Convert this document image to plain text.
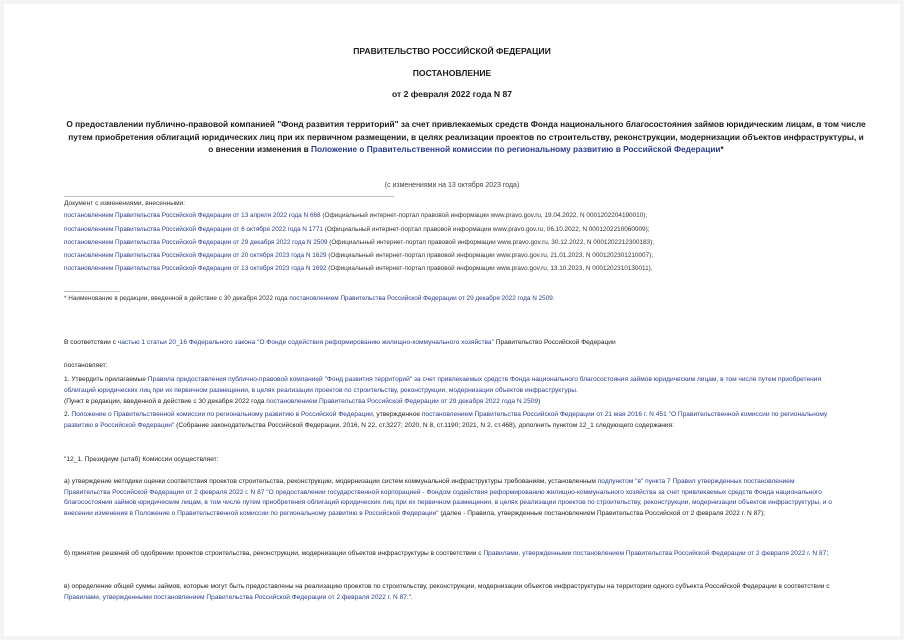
ПРАВИТЕЛЬСТВО РОССИЙСКОЙ ФЕДЕРАЦИИ
ПОСТАНОВЛЕНИЕ
от 2 февраля 2022 года N 87
О предоставлении публично-правовой компанией "Фонд развития территорий" за счет привлекаемых средств Фонда национального благосостояния займов юридическим лицам, в том числе путем приобретения облигаций юридических лиц при их первичном размещении, в целях реализации проектов по строительству, реконструкции, модернизации объектов инфраструктуры, и о внесении изменения в Положение о Правительственной комиссии по региональному развитию в Российской Федерации*
(с изменениями на 13 октября 2023 года)
Документ с изменениями, внесенными:
постановлением Правительства Российской Федерации от 13 апреля 2022 года N 668 (Официальный интернет-портал правовой информации www.pravo.gov.ru, 19.04.2022, N 0001202204190010);
постановлением Правительства Российской Федерации от 6 октября 2022 года N 1771 (Официальный интернет-портал правовой информации www.pravo.gov.ru, 06.10.2022, N 0001202210060009);
постановлением Правительства Российской Федерации от 29 декабря 2022 года N 2509 (Официальный интернет-портал правовой информации www.pravo.gov.ru, 30.12.2022, N 0001202212300183);
постановлением Правительства Российской Федерации от 20 октября 2023 года N 1629 (Официальный интернет-портал правовой информации www.pravo.gov.ru, 21.01.2023, N 0001202301210007);
постановлением Правительства Российской Федерации от 13 октября 2023 года N 1692 (Официальный интернет-портал правовой информации www.pravo.gov.ru, 13.10.2023, N 0001202310130011).
* Наименование в редакции, введенной в действие с 30 декабря 2022 года постановлением Правительства Российской Федерации от 29 декабря 2022 года N 2509.
В соответствии с частью 1 статьи 20_16 Федерального закона "О Фонде содействия реформированию жилищно-коммунального хозяйства" Правительство Российской Федерации
постановляет:
1. Утвердить прилагаемые Правила предоставления публично-правовой компанией "Фонд развития территорий" за счет привлекаемых средств Фонда национального благосостояния займов юридическим лицам, в том числе путем приобретения облигаций юридических лиц при их первичном размещении, в целях реализации проектов по строительству, реконструкции, модернизации объектов инфраструктуры.
(Пункт в редакции, введенной в действие с 30 декабря 2022 года постановлением Правительства Российской Федерации от 29 декабря 2022 года N 2509)
2. Положение о Правительственной комиссии по региональному развитию в Российской Федерации, утвержденное постановлением Правительства Российской Федерации от 21 мая 2016 г. N 451 "О Правительственной комиссии по региональному развитию в Российской Федерации" (Собрание законодательства Российской Федерации, 2016, N 22, ст.3227; 2020, N 8, ст.1190; 2021, N 2, ст.468), дополнить пунктом 12_1 следующего содержания:
"12_1. Президиум (штаб) Комиссии осуществляет:
а) утверждение методики оценки соответствия проектов строительства, реконструкции, модернизации систем коммунальной инфраструктуры требованиям, установленным подпунктом "в" пункта 7 Правил утвержденных постановлением Правительства Российской Федерации от 2 февраля 2022 г. N 87 "О предоставлении государственной корпорацией - Фондом содействия реформированию жилищно-коммунального хозяйства за счет привлекаемых средств Фонда национального благосостояния займов юридическим лицам, в том числе путем приобретения облигаций юридических лиц при их первичном размещении, в целях реализации проектов по строительству, реконструкции, модернизации объектов инфраструктуры, и о внесении изменения в Положение о Правительственной комиссии по региональному развитию в Российской Федерации" (далее - Правила, утвержденные постановлением Правительства Российской от 2 февраля 2022 г. N 87);
б) принятие решений об одобрении проектов строительства, реконструкции, модернизации объектов инфраструктуры в соответствии с Правилами, утвержденными постановлением Правительства Российской Федерации от 2 февраля 2022 г. N 87;
в) определение общей суммы займов, которые могут быть предоставлены на реализацию проектов по строительству, реконструкции, модернизации объектов инфраструктуры на территории одного субъекта Российской Федерации в соответствии с Правилами, утвержденными постановлением Правительства Российской Федерации от 2 февраля 2022 г. N 87.".
